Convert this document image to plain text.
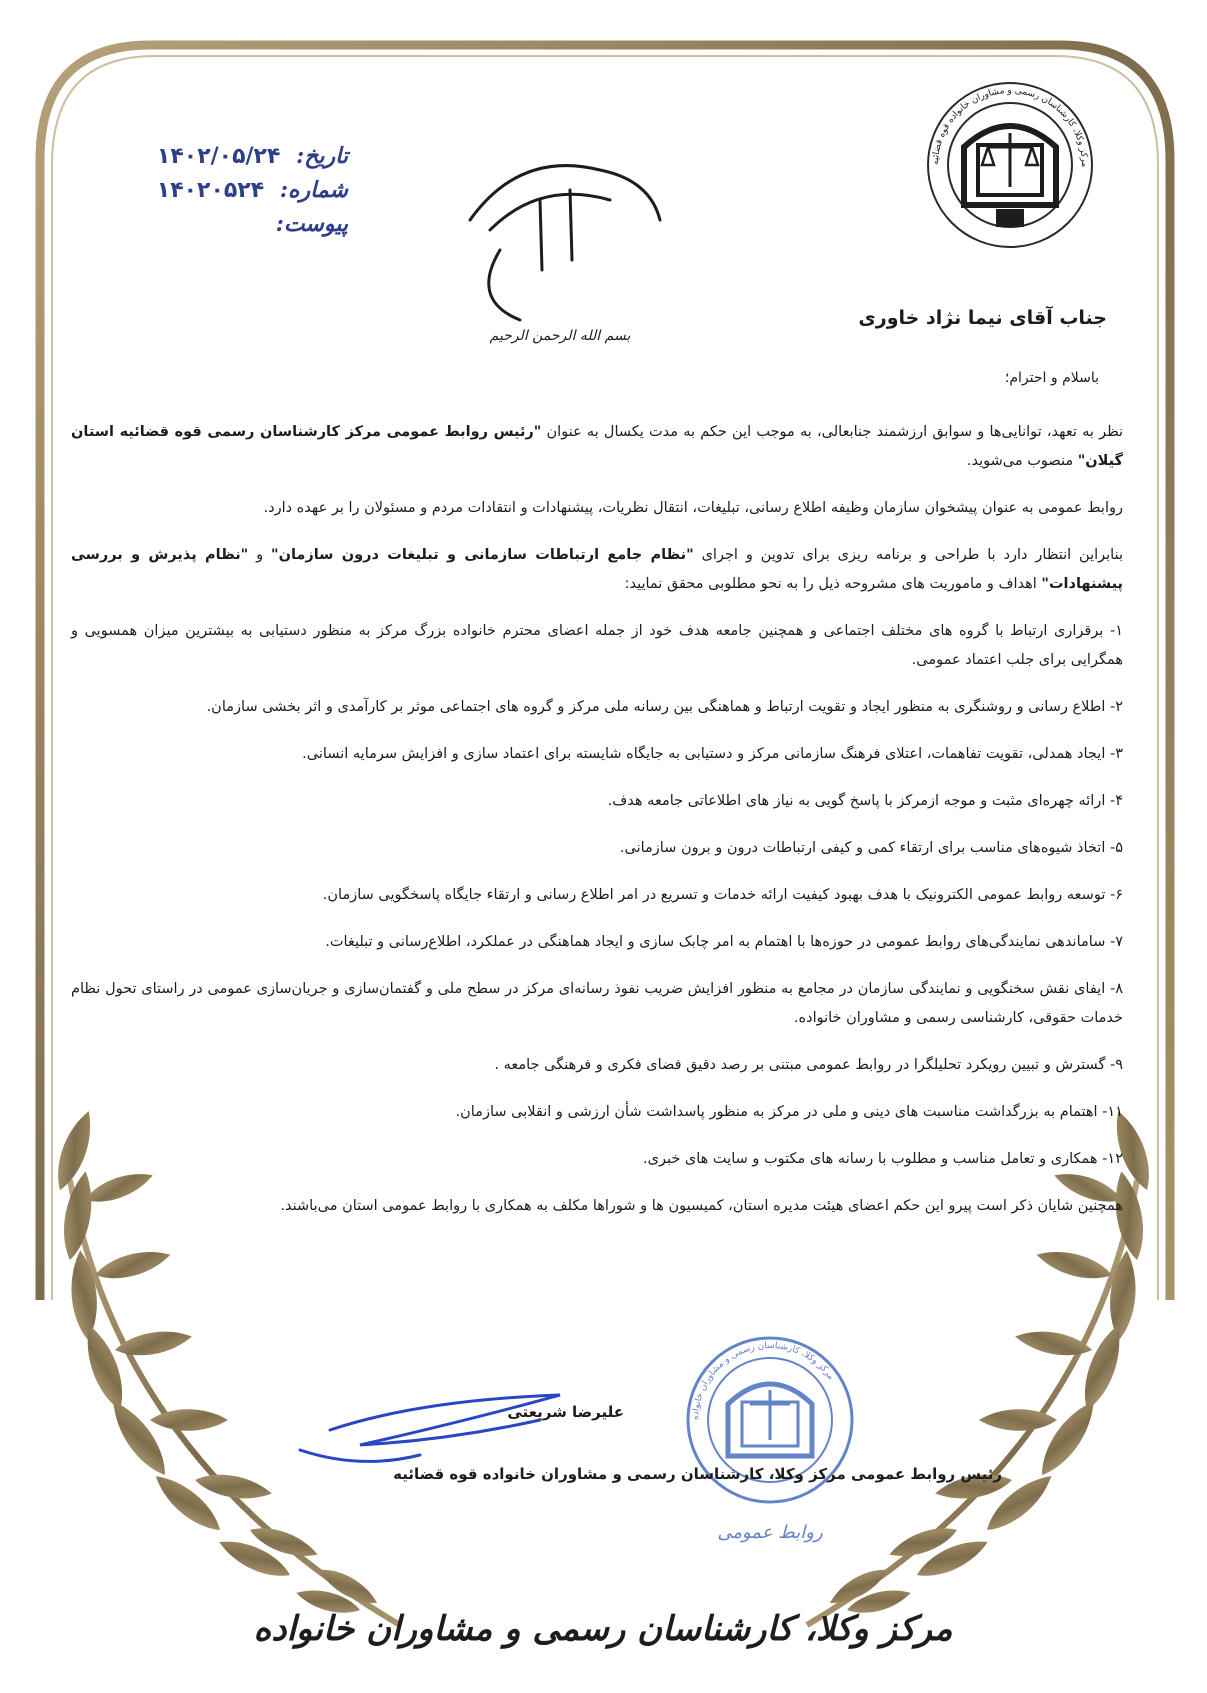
مرکز وکلا، کارشناسان رسمی و مشاوران خانواده قوه قضائیه
مرکز وکلا، کارشناسان رسمی و مشاوران خانواده
روابط عمومی
مرکز وکلا، کارشناسان رسمی و مشاوران خانواده
بسم الله الرحمن الرحیم
تاریخ: ۱۴۰۲/۰۵/۲۴
شماره: ۱۴۰۲۰۵۲۴
پیوست:
جناب آقای نیما نژاد خاوری
باسلام و احترام؛

نظر به تعهد، توانایی‌ها و سوابق ارزشمند جنابعالی، به موجب این حکم به مدت یکسال به عنوان "رئیس روابط عمومی مرکز کارشناسان رسمی قوه قضائیه استان گیلان" منصوب می‌شوید.

روابط عمومی به عنوان پیشخوان سازمان وظیفه اطلاع رسانی، تبلیغات، انتقال نظریات، پیشنهادات و انتقادات مردم و مسئولان را بر عهده دارد.

بنابراین انتظار دارد با طراحی و برنامه ریزی برای تدوین و اجرای "نظام جامع ارتباطات سازمانی و تبلیغات درون سازمان" و "نظام پذیرش و بررسی پیشنهادات" اهداف و ماموریت های مشروحه ذیل را به نحو مطلوبی محقق نمایید:

۱- برقراری ارتباط با گروه های مختلف اجتماعی و همچنین جامعه هدف خود از جمله اعضای محترم خانواده بزرگ مرکز به منظور دستیابی به بیشترین میزان همسویی و همگرایی برای جلب اعتماد عمومی.

۲- اطلاع رسانی و روشنگری به منظور ایجاد و تقویت ارتباط و هماهنگی بین رسانه ملی مرکز و گروه های اجتماعی موثر بر کارآمدی و اثر بخشی سازمان.

۳- ایجاد همدلی، تقویت تفاهمات، اعتلای فرهنگ سازمانی مرکز و دستیابی به جایگاه شایسته برای اعتماد سازی و افزایش سرمایه انسانی.

۴- ارائه چهره‌ای مثبت و موجه ازمرکز با پاسخ گویی به نیاز های اطلاعاتی جامعه هدف.

۵- اتخاذ شیوه‌های مناسب برای ارتقاء کمی و کیفی ارتباطات درون و برون سازمانی.

۶- توسعه روابط عمومی الکترونیک با هدف بهبود کیفیت ارائه خدمات و تسریع در امر اطلاع رسانی و ارتقاء جایگاه پاسخگویی سازمان.

۷- ساماندهی نمایندگی‌های روابط عمومی در حوزه‌ها با اهتمام به امر چابک سازی و ایجاد هماهنگی در عملکرد، اطلاع‌رسانی و تبلیغات.

۸- ایفای نقش سخنگویی و نمایندگی سازمان در مجامع به منظور افزایش ضریب نفوذ رسانه‌ای مرکز در سطح ملی و گفتمان‌سازی و جریان‌سازی عمومی در راستای تحول نظام خدمات حقوقی، کارشناسی رسمی و مشاوران خانواده.

۹- گسترش و تبیین رویکرد تحلیلگرا در روابط عمومی مبتنی بر رصد دقیق فضای فکری و فرهنگی جامعه .

۱۱- اهتمام به بزرگداشت مناسبت های دینی و ملی در مرکز به منظور پاسداشت شأن ارزشی و انقلابی سازمان.

۱۲- همکاری و تعامل مناسب و مطلوب با رسانه های مکتوب و سایت های خبری.

همچنین شایان ذکر است پیرو این حکم اعضای هیئت مدیره استان، کمیسیون ها و شوراها مکلف به همکاری با روابط عمومی استان می‌باشند.

علیرضا شریعتی
رئیس روابط عمومی مرکز وکلا، کارشناسان رسمی و مشاوران خانواده قوه قضائیه
